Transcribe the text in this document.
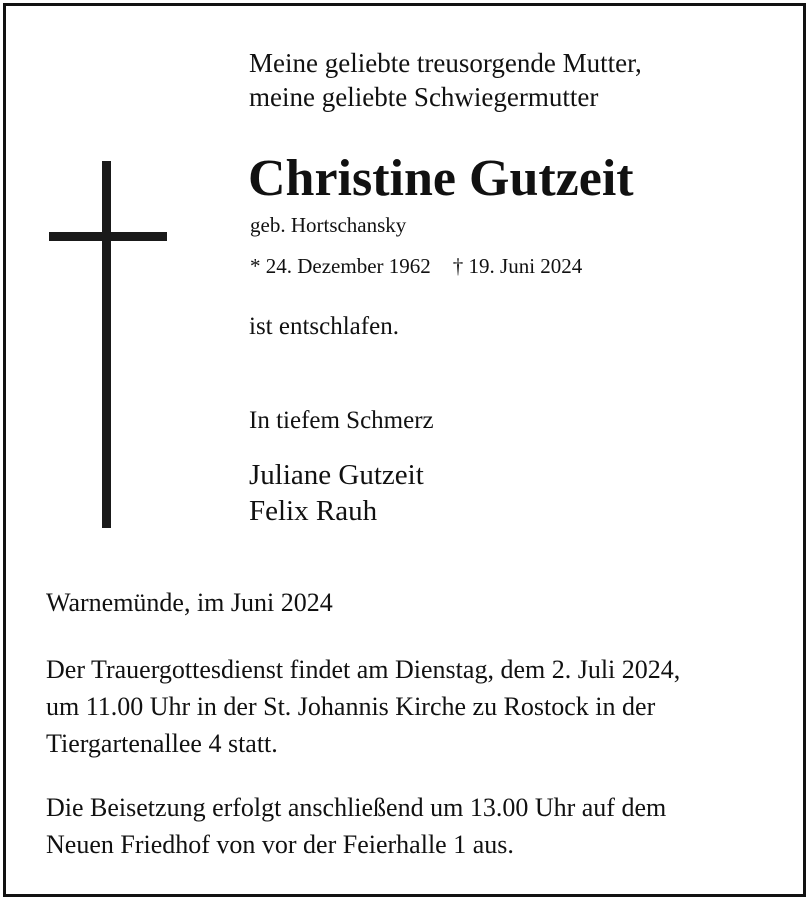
Meine geliebte treusorgende Mutter,
meine geliebte Schwiegermutter
Christine Gutzeit
geb. Hortschansky
* 24. Dezember 1962 † 19. Juni 2024
ist entschlafen.
In tiefem Schmerz
Juliane Gutzeit
Felix Rauh
Warnemünde, im Juni 2024
Der Trauergottesdienst findet am Dienstag, dem 2. Juli 2024,
um 11.00 Uhr in der St. Johannis Kirche zu Rostock in der
Tiergartenallee 4 statt.
Die Beisetzung erfolgt anschließend um 13.00 Uhr auf dem
Neuen Friedhof von vor der Feierhalle 1 aus.
